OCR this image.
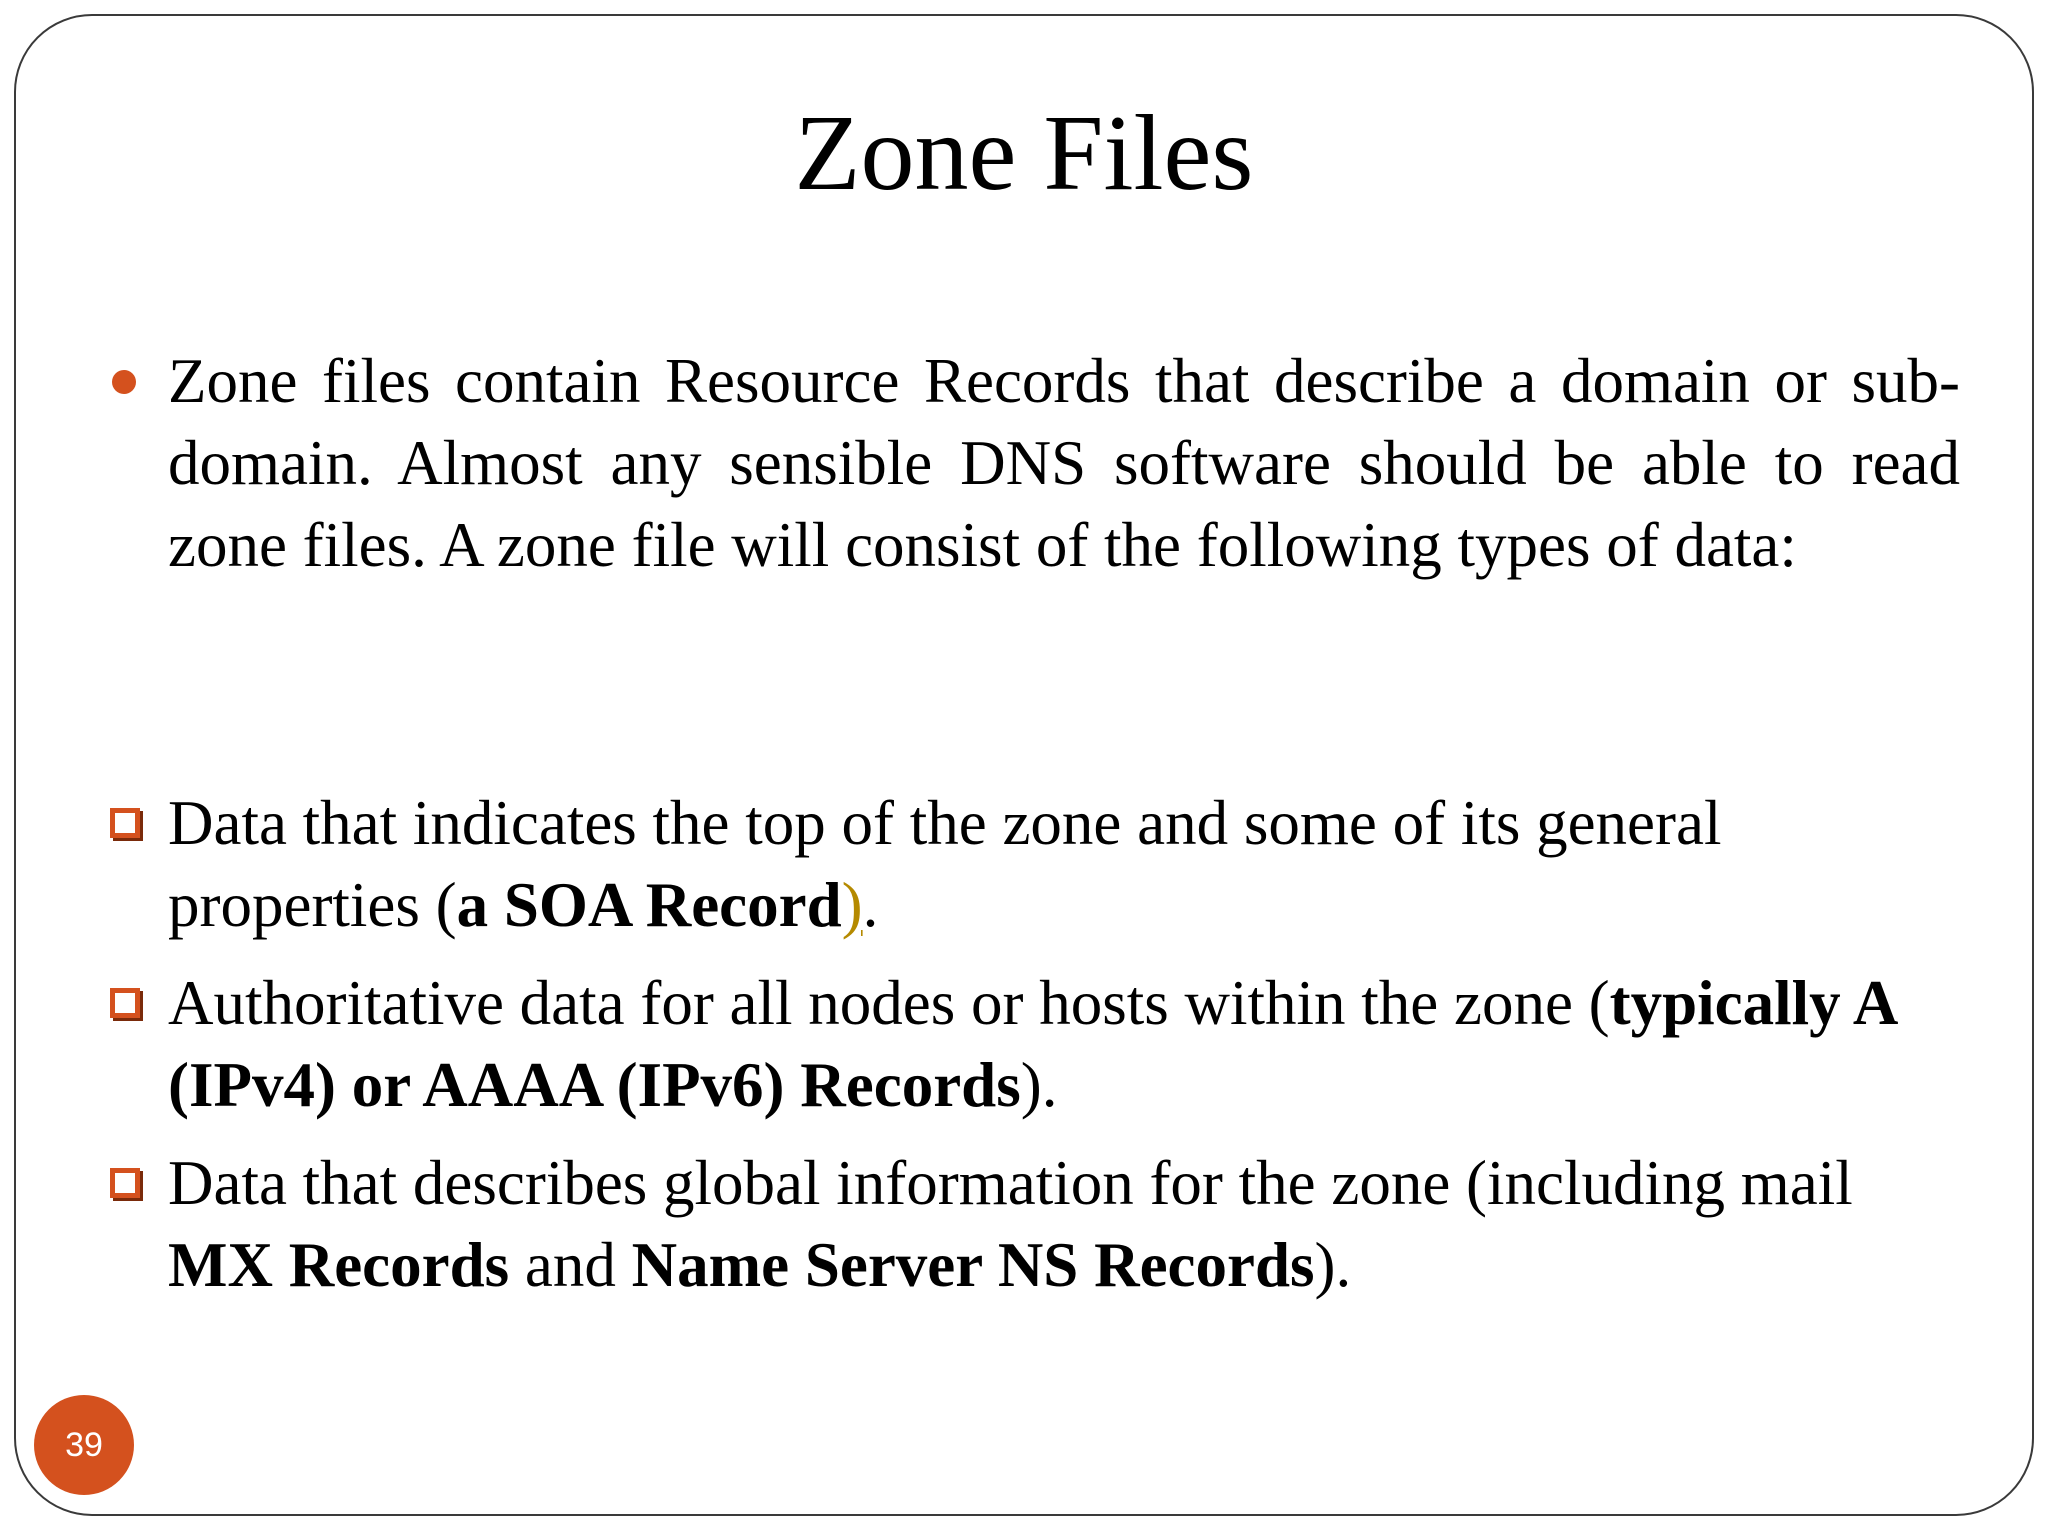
Zone Files

Zone files contain Resource Records that describe a domain or sub-domain. Almost any sensible DNS software should be able to read zone files. A zone file will consist of the following types of data:

Data that indicates the top of the zone and some of its general properties (a SOA Record).
Authoritative data for all nodes or hosts within the zone (typically A (IPv4) or AAAA (IPv6) Records).
Data that describes global information for the zone (including mail MX Records and Name Server NS Records).
39
